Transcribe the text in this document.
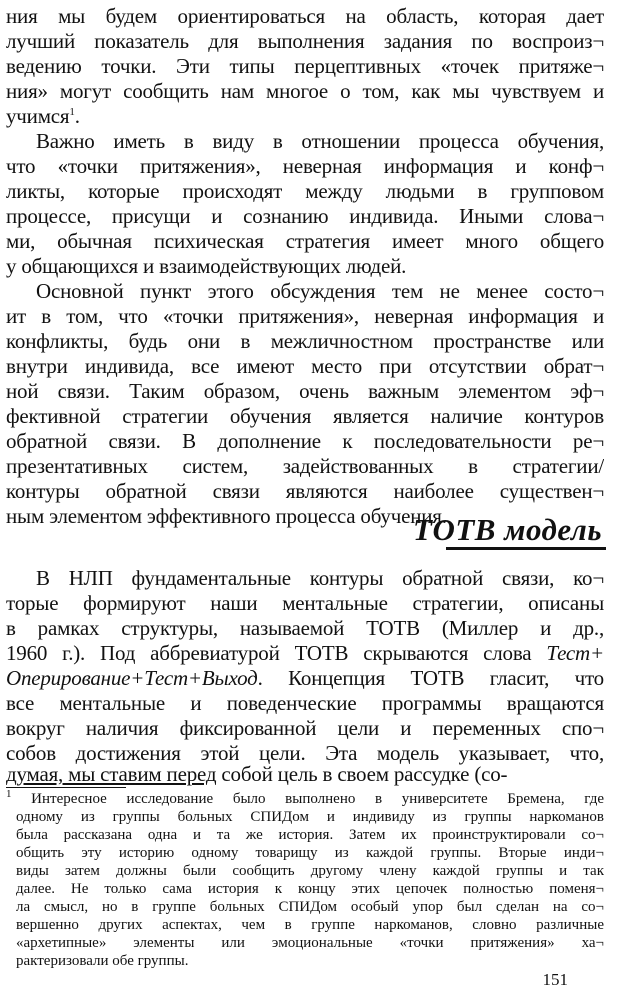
ния мы будем ориентироваться на область, которая дает
лучший показатель для выполнения задания по воспроиз¬
ведению точки. Эти типы перцептивных «точек притяже¬
ния» могут сообщить нам многое о том, как мы чувствуем и
учимся$^1$.
Важно иметь в виду в отношении процесса обучения,
что «точки притяжения», неверная информация и конф¬
ликты, которые происходят между людьми в групповом
процессе, присущи и сознанию индивида. Иными слова¬
ми, обычная психическая стратегия имеет много общего
у общающихся и взаимодействующих людей.
Основной пункт этого обсуждения тем не менее состо¬
ит в том, что «точки притяжения», неверная информация и
конфликты, будь они в межличностном пространстве или
внутри индивида, все имеют место при отсутствии обрат¬
ной связи. Таким образом, очень важным элементом эф¬
фективной стратегии обучения является наличие контуров
обратной связи. В дополнение к последовательности ре¬
презентативных систем, задействованных в стратегии/
контуры обратной связи являются наиболее существен¬
ным элементом эффективного процесса обучения.
ТОТВ модель
В НЛП фундаментальные контуры обратной связи, ко¬
торые формируют наши ментальные стратегии, описаны
в рамках структуры, называемой ТОТВ (Миллер и др.,
1960 г.). Под аббревиатурой ТОТВ скрываются слова Тест+
Оперирование+Тест+Выход. Концепция ТОТВ гласит, что
все ментальные и поведенческие программы вращаются
вокруг наличия фиксированной цели и переменных спо¬
собов достижения этой цели. Эта модель указывает, что,
думая, мы ставим перед собой цель в своем рассудке (со-
$^1$ Интересное исследование было выполнено в университете Бремена, где
одному из группы больных СПИДом и индивиду из группы наркоманов
была рассказана одна и та же история. Затем их проинструктировали со¬
общить эту историю одному товарищу из каждой группы. Вторые инди¬
виды затем должны были сообщить другому члену каждой группы и так
далее. Не только сама история к концу этих цепочек полностью поменя¬
ла смысл, но в группе больных СПИДом особый упор был сделан на со¬
вершенно других аспектах, чем в группе наркоманов, словно различные
«архетипные» элементы или эмоциональные «точки притяжения» ха¬
рактеризовали обе группы.
151
